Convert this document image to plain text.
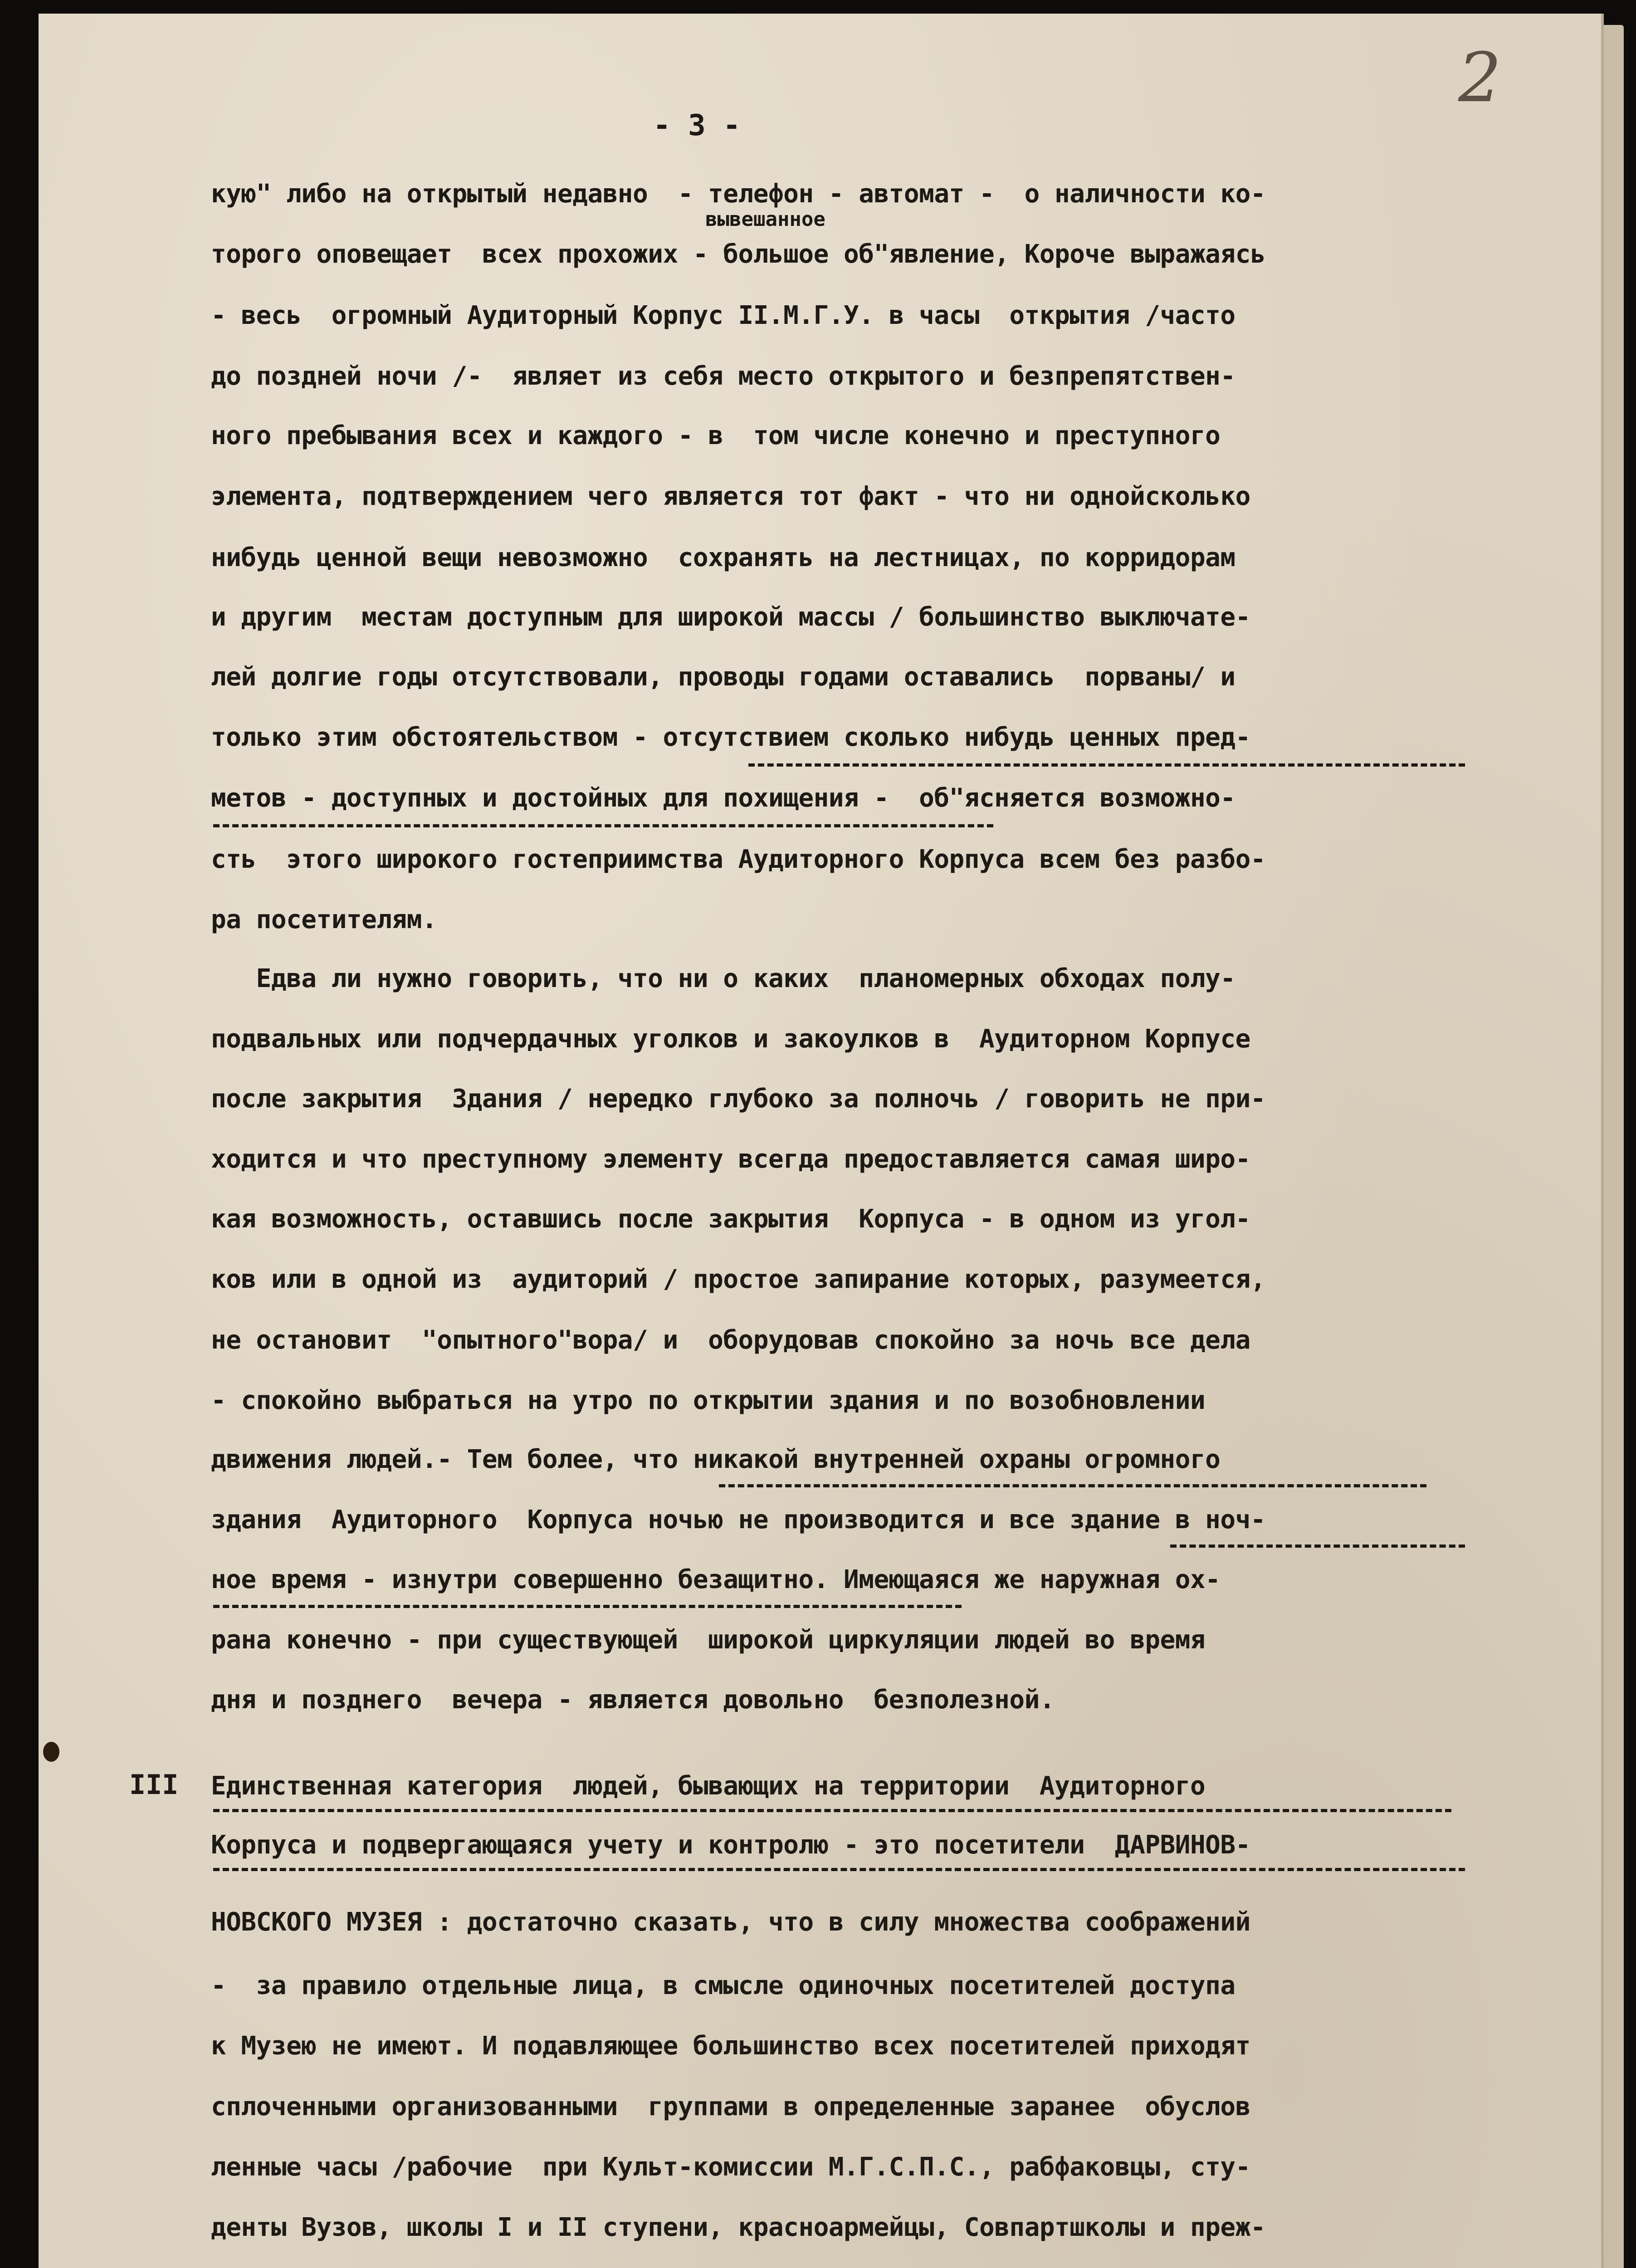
2
- 3 -
вывешанное
кую" либо на открытый недавно  - телефон - автомат -  о наличности ко-
торого оповещает  всех прохожих - большое об"явление, Короче выражаясь
- весь  огромный Аудиторный Корпус II.М.Г.У. в часы  открытия /часто
до поздней ночи /-  являет из себя место открытого и безпрепятствен-
ного пребывания всех и каждого - в  том числе конечно и преступного
элемента, подтверждением чего является тот факт - что ни однойсколько
нибудь ценной вещи невозможно  сохранять на лестницах, по корридорам
и другим  местам доступным для широкой массы / большинство выключате-
лей долгие годы отсутствовали, проводы годами оставались  порваны/ и
только этим обстоятельством - отсутствием сколько нибудь ценных пред-
метов - доступных и достойных для похищения -  об"ясняется возможно-
сть  этого широкого гостеприимства Аудиторного Корпуса всем без разбо-
ра посетителям.
Едва ли нужно говорить, что ни о каких  планомерных обходах полу-
подвальных или подчердачных уголков и закоулков в  Аудиторном Корпусе
после закрытия  Здания / нередко глубоко за полночь / говорить не при-
ходится и что преступному элементу всегда предоставляется самая широ-
кая возможность, оставшись после закрытия  Корпуса - в одном из угол-
ков или в одной из  аудиторий / простое запирание которых, разумеется,
не остановит  "опытного"вора/ и  оборудовав спокойно за ночь все дела
- спокойно выбраться на утро по открытии здания и по возобновлении
движения людей.- Тем более, что никакой внутренней охраны огромного
здания  Аудиторного  Корпуса ночью не производится и все здание в ноч-
ное время - изнутри совершенно безащитно. Имеющаяся же наружная ох-
рана конечно - при существующей  широкой циркуляции людей во время
дня и позднего  вечера - является довольно  безполезной.
III Единственная категория  людей, бывающих на территории  Аудиторного
Корпуса и подвергающаяся учету и контролю - это посетители  ДАРВИНОВ-
НОВСКОГО МУЗЕЯ : достаточно сказать, что в силу множества соображений
-  за правило отдельные лица, в смысле одиночных посетителей доступа
к Музею не имеют. И подавляющее большинство всех посетителей приходят
сплоченными организованными  группами в определенные заранее  обуслов
ленные часы /рабочие  при Культ-комиссии М.Г.С.П.С., рабфаковцы, сту-
денты Вузов, школы I и II ступени, красноармейцы, Совпартшколы и преж-
